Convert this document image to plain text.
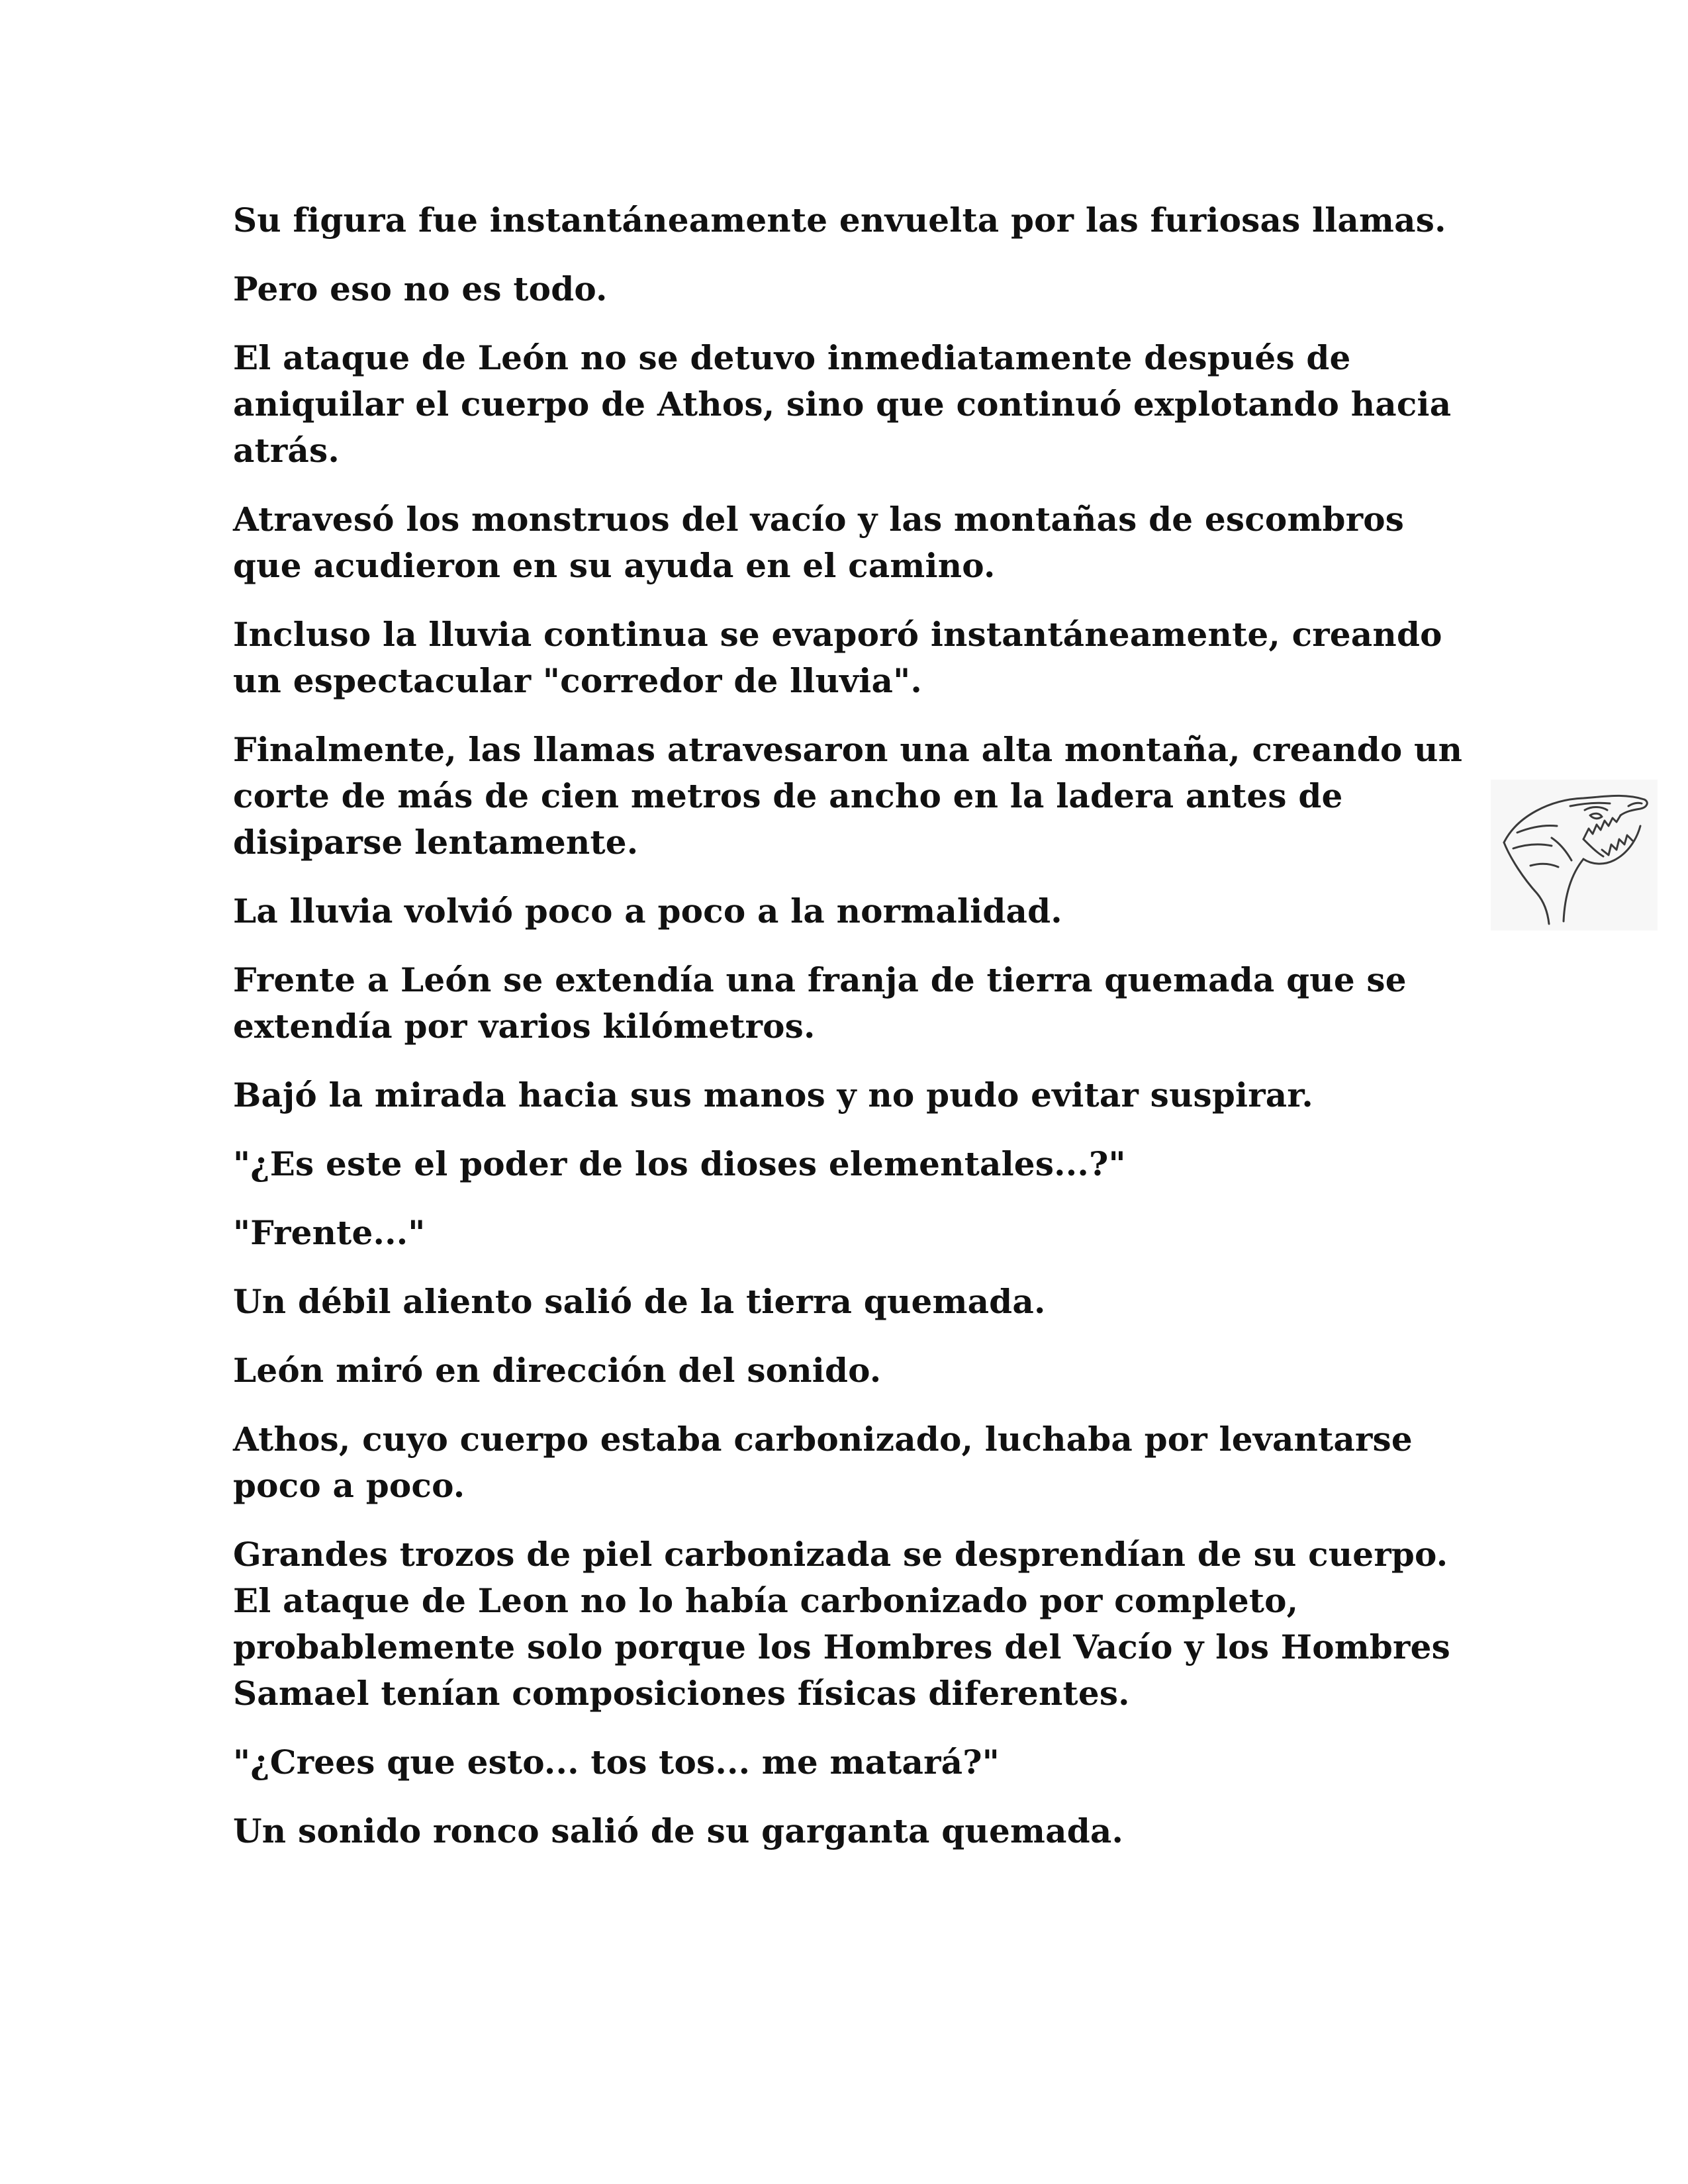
Su figura fue instantáneamente envuelta por las furiosas llamas.

Pero eso no es todo.

El ataque de León no se detuvo inmediatamente después de aniquilar el cuerpo de Athos, sino que continuó explotando hacia atrás.

Atravesó los monstruos del vacío y las montañas de escombros que acudieron en su ayuda en el camino.

Incluso la lluvia continua se evaporó instantáneamente, creando un espectacular "corredor de lluvia".

Finalmente, las llamas atravesaron una alta montaña, creando un corte de más de cien metros de ancho en la ladera antes de disiparse lentamente.

La lluvia volvió poco a poco a la normalidad.

Frente a León se extendía una franja de tierra quemada que se extendía por varios kilómetros.

Bajó la mirada hacia sus manos y no pudo evitar suspirar.

"¿Es este el poder de los dioses elementales...?"

"Frente..."

Un débil aliento salió de la tierra quemada.

León miró en dirección del sonido.

Athos, cuyo cuerpo estaba carbonizado, luchaba por levantarse poco a poco.

Grandes trozos de piel carbonizada se desprendían de su cuerpo. El ataque de Leon no lo había carbonizado por completo, probablemente solo porque los Hombres del Vacío y los Hombres Samael tenían composiciones físicas diferentes.

"¿Crees que esto... tos tos... me matará?"

Un sonido ronco salió de su garganta quemada.
